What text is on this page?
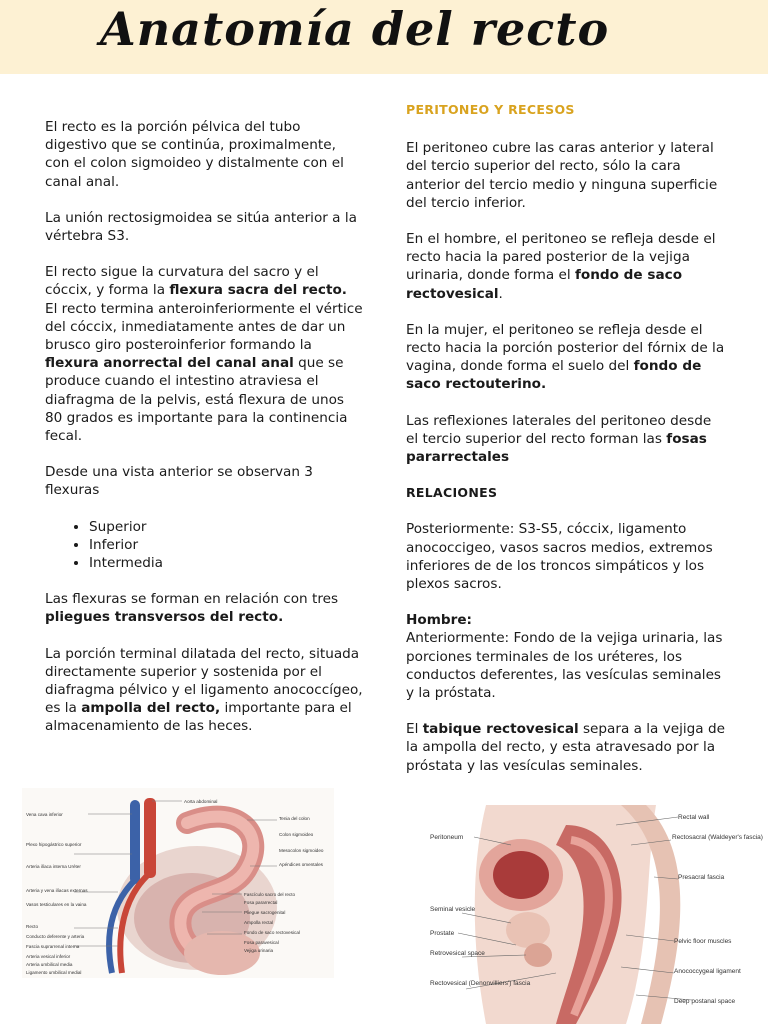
Anatomía del recto

El recto es la porción pélvica del tubo digestivo que se continúa, proximalmente, con el colon sigmoideo y distalmente con el canal anal.

La unión rectosigmoidea se sitúa anterior a la vértebra S3.

El recto sigue la curvatura del sacro y el cóccix, y forma la flexura sacra del recto. El recto termina anteroinferiormente el vértice del cóccix, inmediatamente antes de dar un brusco giro posteroinferior formando la flexura anorrectal del canal anal que se produce cuando el intestino atraviesa el diafragma de la pelvis, está flexura de unos 80 grados es importante para la continencia fecal.

Desde una vista anterior se observan 3 flexuras

• Superior
• Inferior
• Intermedia

Las flexuras se forman en relación con tres pliegues transversos del recto.

La porción terminal dilatada del recto, situada directamente superior y sostenida por el diafragma pélvico y el ligamento anococcígeo, es la ampolla del recto, importante para el almacenamiento de las heces.

PERITONEO Y RECESOS

El peritoneo cubre las caras anterior y lateral del tercio superior del recto, sólo la cara anterior del tercio medio y ninguna superficie del tercio inferior.

En el hombre, el peritoneo se refleja desde el recto hacia la pared posterior de la vejiga urinaria, donde forma el fondo de saco rectovesical.

En la mujer, el peritoneo se refleja desde el recto hacia la porción posterior del fórnix de la vagina, donde forma el suelo del fondo de saco rectouterino.

Las reflexiones laterales del peritoneo desde el tercio superior del recto forman las fosas pararrectales

RELACIONES

Posteriormente: S3-S5, cóccix, ligamento anococcigeo, vasos sacros medios, extremos inferiores de de los troncos simpáticos y los plexos sacros.

Hombre:

Anteriormente: Fondo de la vejiga urinaria, las porciones terminales de los uréteres, los conductos deferentes, las vesículas seminales y la próstata.

El tabique rectovesical separa a la vejiga de la ampolla del recto, y esta atravesado por la próstata y las vesículas seminales.

Vena cava inferior
Plexo hipogástrico superior
Arteria ilíaca interna Uréter
Arteria y vena ilíacas externas
Vasos testiculares en la vaina
Recto
Conducto deferente y arteria
Fascia suprarrenal interna
Arteria vesical inferior
Arteria umbilical media
Ligamento umbilical medial
Aorta abdominal
Tenia del colon
Colon sigmoideo
Mesocolon sigmoideo
Apéndices omentales
Fascículo sacro del recto
Fosa pararrectal
Pliegue sacrogenital
Ampolla rectal
Fondo de saco rectovesical
Fosa paravesical
Vejiga urinaria
Peritoneum
Seminal vesicle
Prostate
Retrovesical space
Rectovesical (Denonvilliers') fascia
Rectal wall
Rectosacral (Waldeyer's fascia)
Presacral fascia
Pelvic floor muscles
Anococcygeal ligament
Deep postanal space
